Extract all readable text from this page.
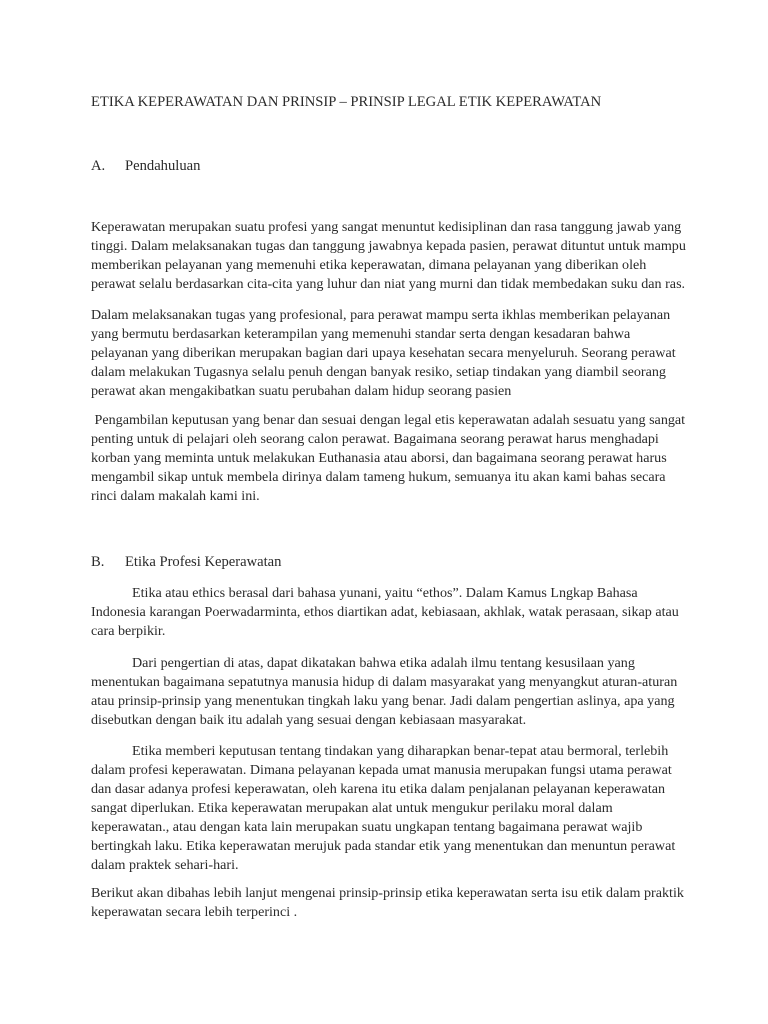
ETIKA KEPERAWATAN DAN PRINSIP – PRINSIP LEGAL ETIK KEPERAWATAN
A. Pendahuluan
Keperawatan merupakan suatu profesi yang sangat menuntut kedisiplinan dan rasa tanggung jawab yang
tinggi. Dalam melaksanakan tugas dan tanggung jawabnya kepada pasien, perawat dituntut untuk mampu
memberikan pelayanan yang memenuhi etika keperawatan, dimana pelayanan yang diberikan oleh
perawat selalu berdasarkan cita-cita yang luhur dan niat yang murni dan tidak membedakan suku dan ras.
Dalam melaksanakan tugas yang profesional, para perawat mampu serta ikhlas memberikan pelayanan
yang bermutu berdasarkan keterampilan yang memenuhi standar serta dengan kesadaran bahwa
pelayanan yang diberikan merupakan bagian dari upaya kesehatan secara menyeluruh. Seorang perawat
dalam melakukan Tugasnya selalu penuh dengan banyak resiko, setiap tindakan yang diambil seorang
perawat akan mengakibatkan suatu perubahan dalam hidup seorang pasien
Pengambilan keputusan yang benar dan sesuai dengan legal etis keperawatan adalah sesuatu yang sangat
penting untuk di pelajari oleh seorang calon perawat. Bagaimana seorang perawat harus menghadapi
korban yang meminta untuk melakukan Euthanasia atau aborsi, dan bagaimana seorang perawat harus
mengambil sikap untuk membela dirinya dalam tameng hukum, semuanya itu akan kami bahas secara
rinci dalam makalah kami ini.
B. Etika Profesi Keperawatan
Etika atau ethics berasal dari bahasa yunani, yaitu “ethos”. Dalam Kamus Lngkap Bahasa
Indonesia karangan Poerwadarminta, ethos diartikan adat, kebiasaan, akhlak, watak perasaan, sikap atau
cara berpikir.
Dari pengertian di atas, dapat dikatakan bahwa etika adalah ilmu tentang kesusilaan yang
menentukan bagaimana sepatutnya manusia hidup di dalam masyarakat yang menyangkut aturan-aturan
atau prinsip-prinsip yang menentukan tingkah laku yang benar. Jadi dalam pengertian aslinya, apa yang
disebutkan dengan baik itu adalah yang sesuai dengan kebiasaan masyarakat.
Etika memberi keputusan tentang tindakan yang diharapkan benar-tepat atau bermoral, terlebih
dalam profesi keperawatan. Dimana pelayanan kepada umat manusia merupakan fungsi utama perawat
dan dasar adanya profesi keperawatan, oleh karena itu etika dalam penjalanan pelayanan keperawatan
sangat diperlukan. Etika keperawatan merupakan alat untuk mengukur perilaku moral dalam
keperawatan., atau dengan kata lain merupakan suatu ungkapan tentang bagaimana perawat wajib
bertingkah laku. Etika keperawatan merujuk pada standar etik yang menentukan dan menuntun perawat
dalam praktek sehari-hari.
Berikut akan dibahas lebih lanjut mengenai prinsip-prinsip etika keperawatan serta isu etik dalam praktik
keperawatan secara lebih terperinci .
